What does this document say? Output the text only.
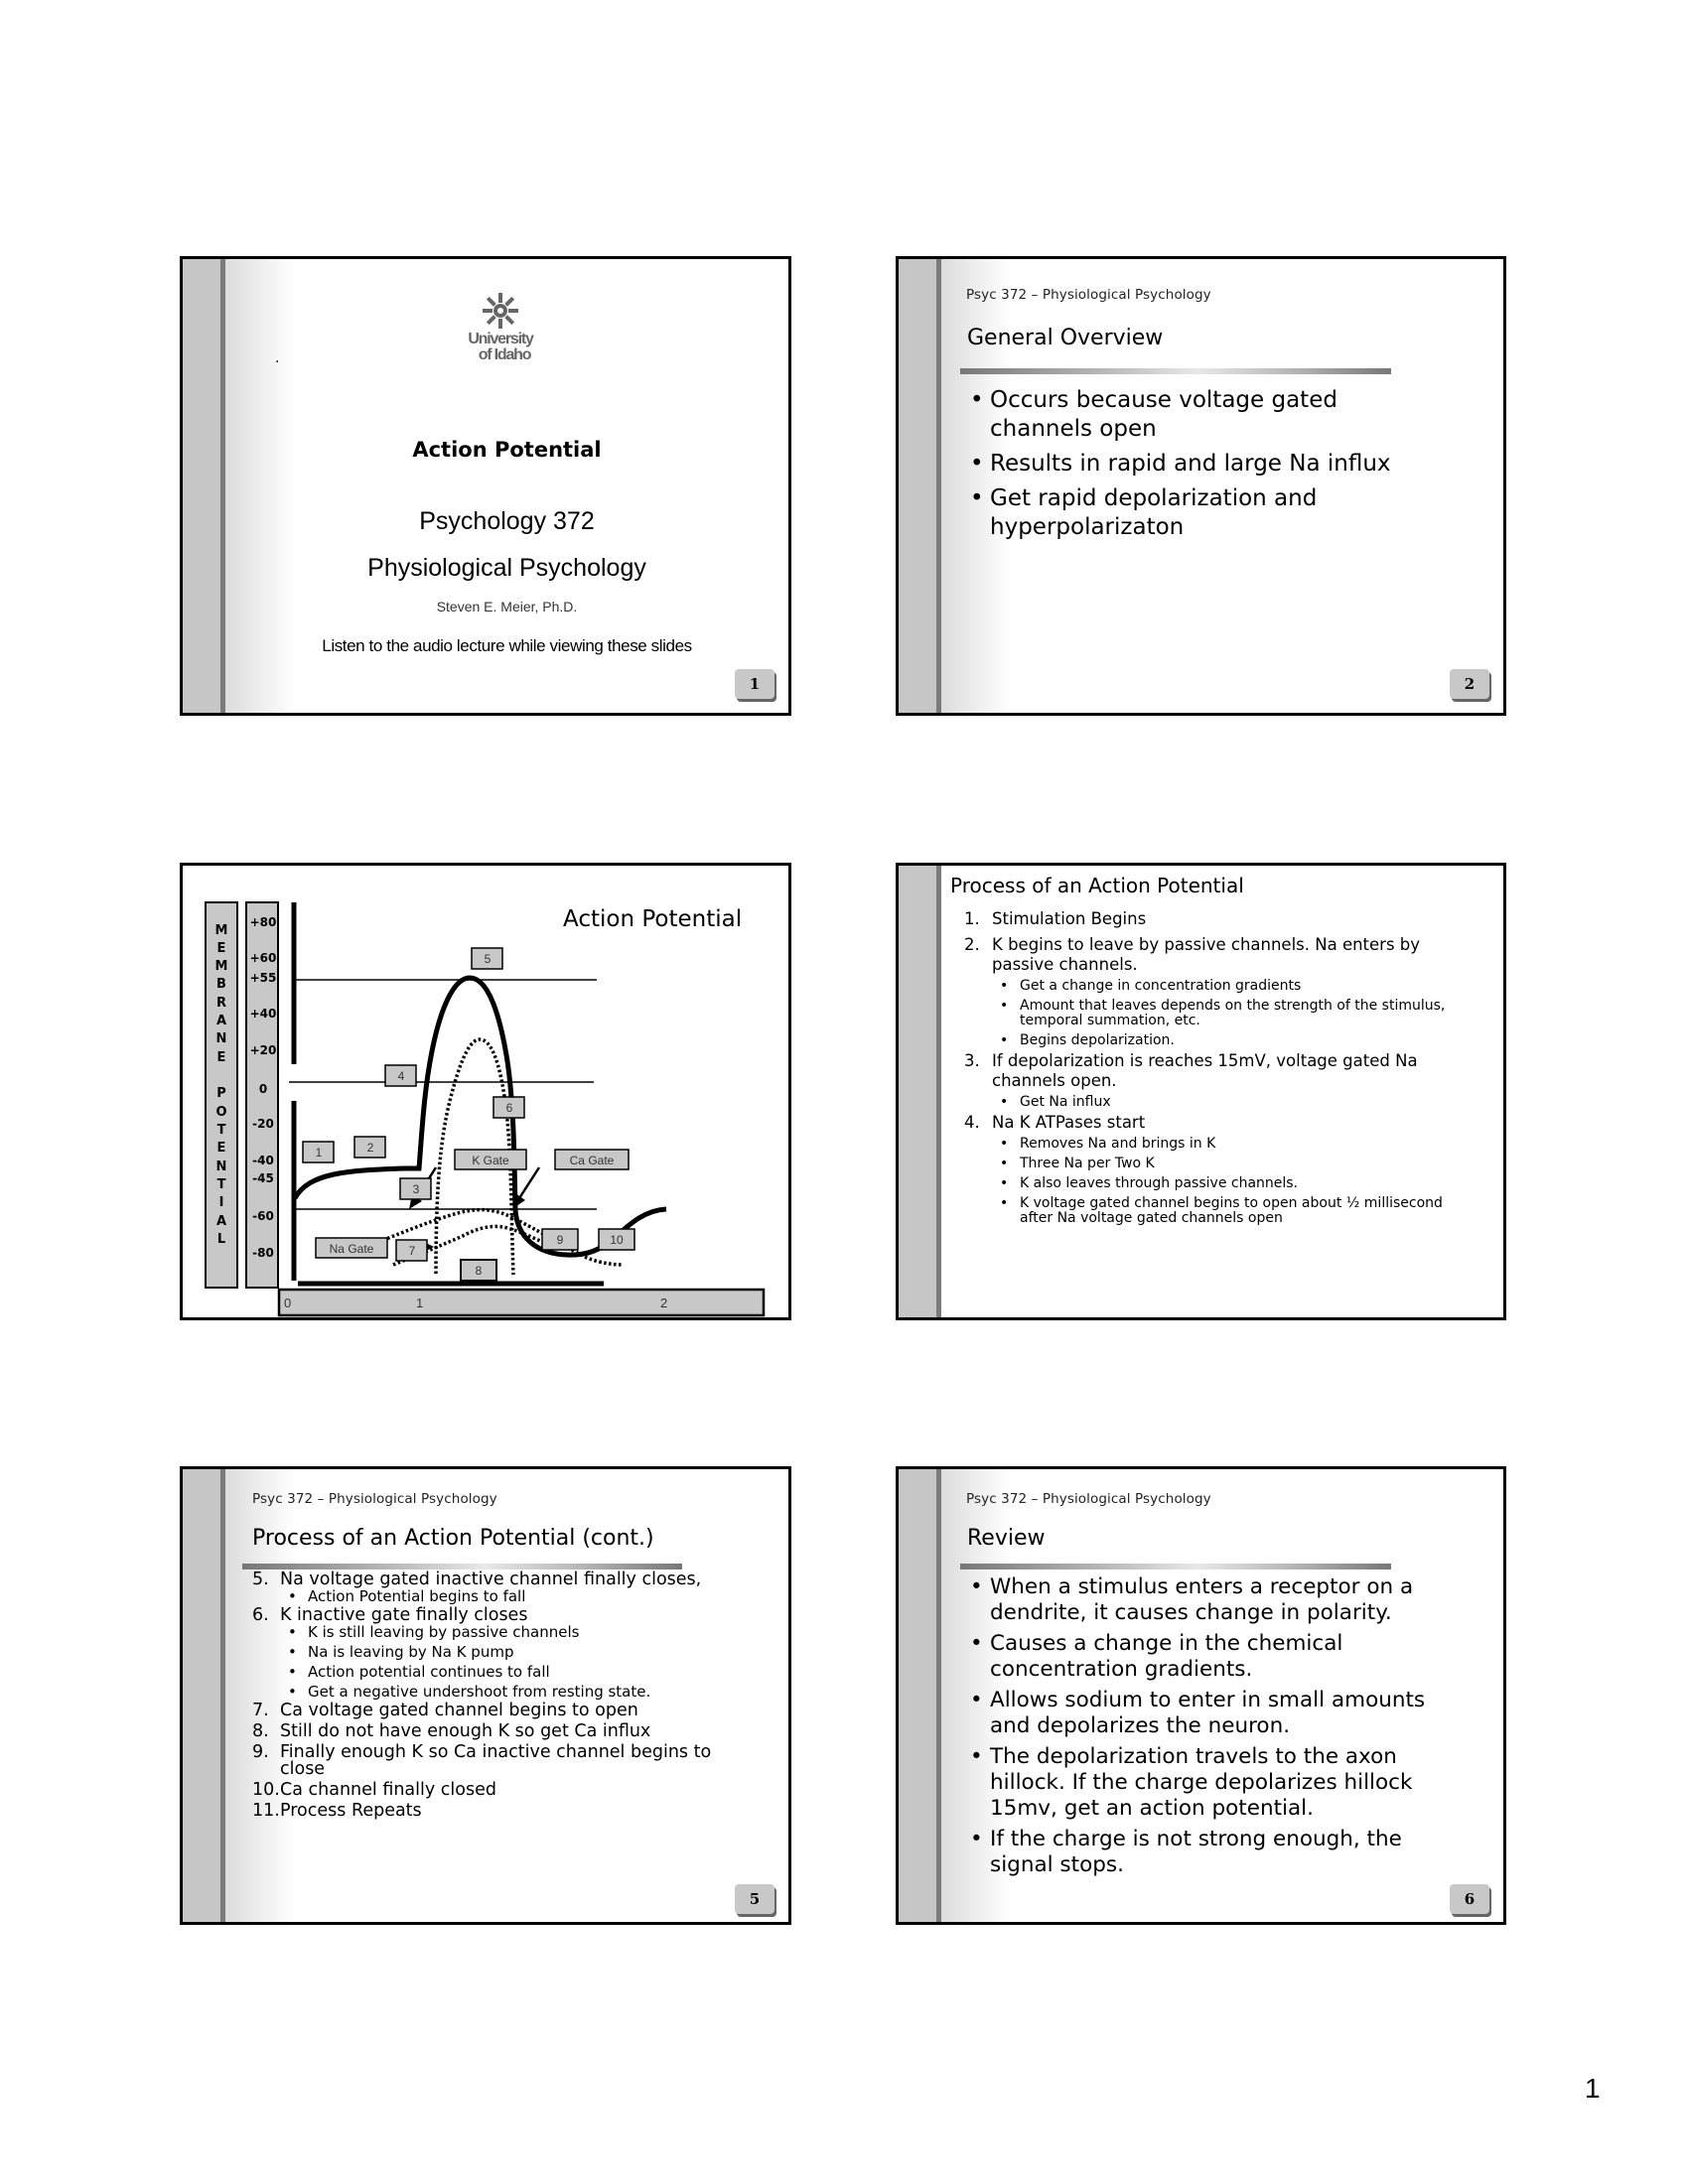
.
University
of Idaho
Action Potential
Psychology 372
Physiological Psychology
Steven E. Meier, Ph.D.
Listen to the audio lecture while viewing these slides
1
Psyc 372 – Physiological Psychology
General Overview
• Occurs because voltage gated channels open
• Results in rapid and large Na influx
• Get rapid depolarization and hyperpolarizaton
2
Action Potential
M
E
M
B
R
A
N
E
P
O
T
E
N
T
I
A
L
+80
+60
+55
+40
+20
0
-20
-40
-45
-60
-80
0	1	2
1	2
3
4
5
6
7
8
9	10
Na Gate
K Gate	Ca Gate
Process of an Action Potential
1. Stimulation Begins
2. K begins to leave by passive channels. Na enters by passive channels.
• Get a change in concentration gradients
• Amount that leaves depends on the strength of the stimulus, temporal summation, etc.
• Begins depolarization.
3. If depolarization is reaches 15mV, voltage gated Na channels open.
• Get Na influx
4. Na K ATPases start
• Removes Na and brings in K
• Three Na per Two K
• K also leaves through passive channels.
• K voltage gated channel begins to open about ½ millisecond after Na voltage gated channels open
Psyc 372 – Physiological Psychology
Process of an Action Potential (cont.)
5. Na voltage gated inactive channel finally closes,
• Action Potential begins to fall
6. K inactive gate finally closes
• K is still leaving by passive channels
• Na is leaving by Na K pump
• Action potential continues to fall
• Get a negative undershoot from resting state.
7. Ca voltage gated channel begins to open
8. Still do not have enough K so get Ca influx
9. Finally enough K so Ca inactive channel begins to close
10. Ca channel finally closed
11. Process Repeats
5
Psyc 372 – Physiological Psychology
Review
• When a stimulus enters a receptor on a dendrite, it causes change in polarity.
• Causes a change in the chemical concentration gradients.
• Allows sodium to enter in small amounts and depolarizes the neuron.
• The depolarization travels to the axon hillock. If the charge depolarizes hillock 15mv, get an action potential.
• If the charge is not strong enough, the signal stops.
6
1
